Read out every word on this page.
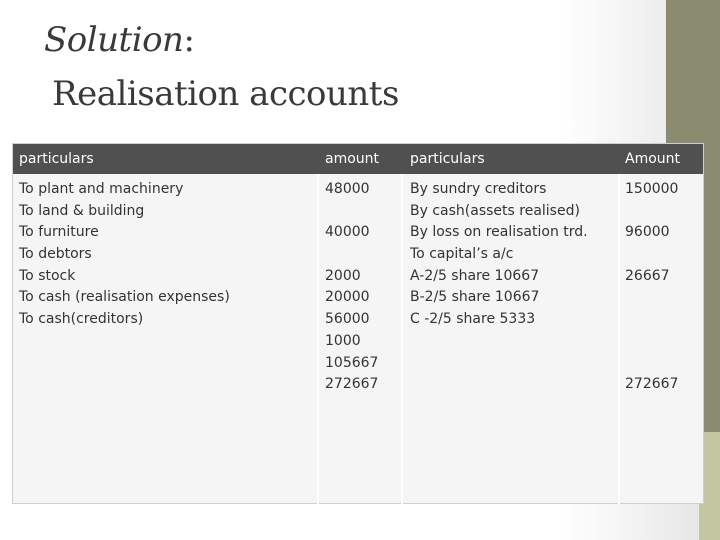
Solution:
Realisation accounts
particulars	amount particulars	Amount
To plant and machinery
To land & building
To furniture
To debtors
To stock
To cash (realisation expenses)
To cash(creditors)
48000
40000
2000
20000
56000
1000
105667
272667
By sundry creditors
By cash(assets realised)
By loss on realisation trd.
To capital’s a/c
A-2/5 share 10667
B-2/5 share 10667
C -2/5 share 5333
150000
96000
26667
272667
